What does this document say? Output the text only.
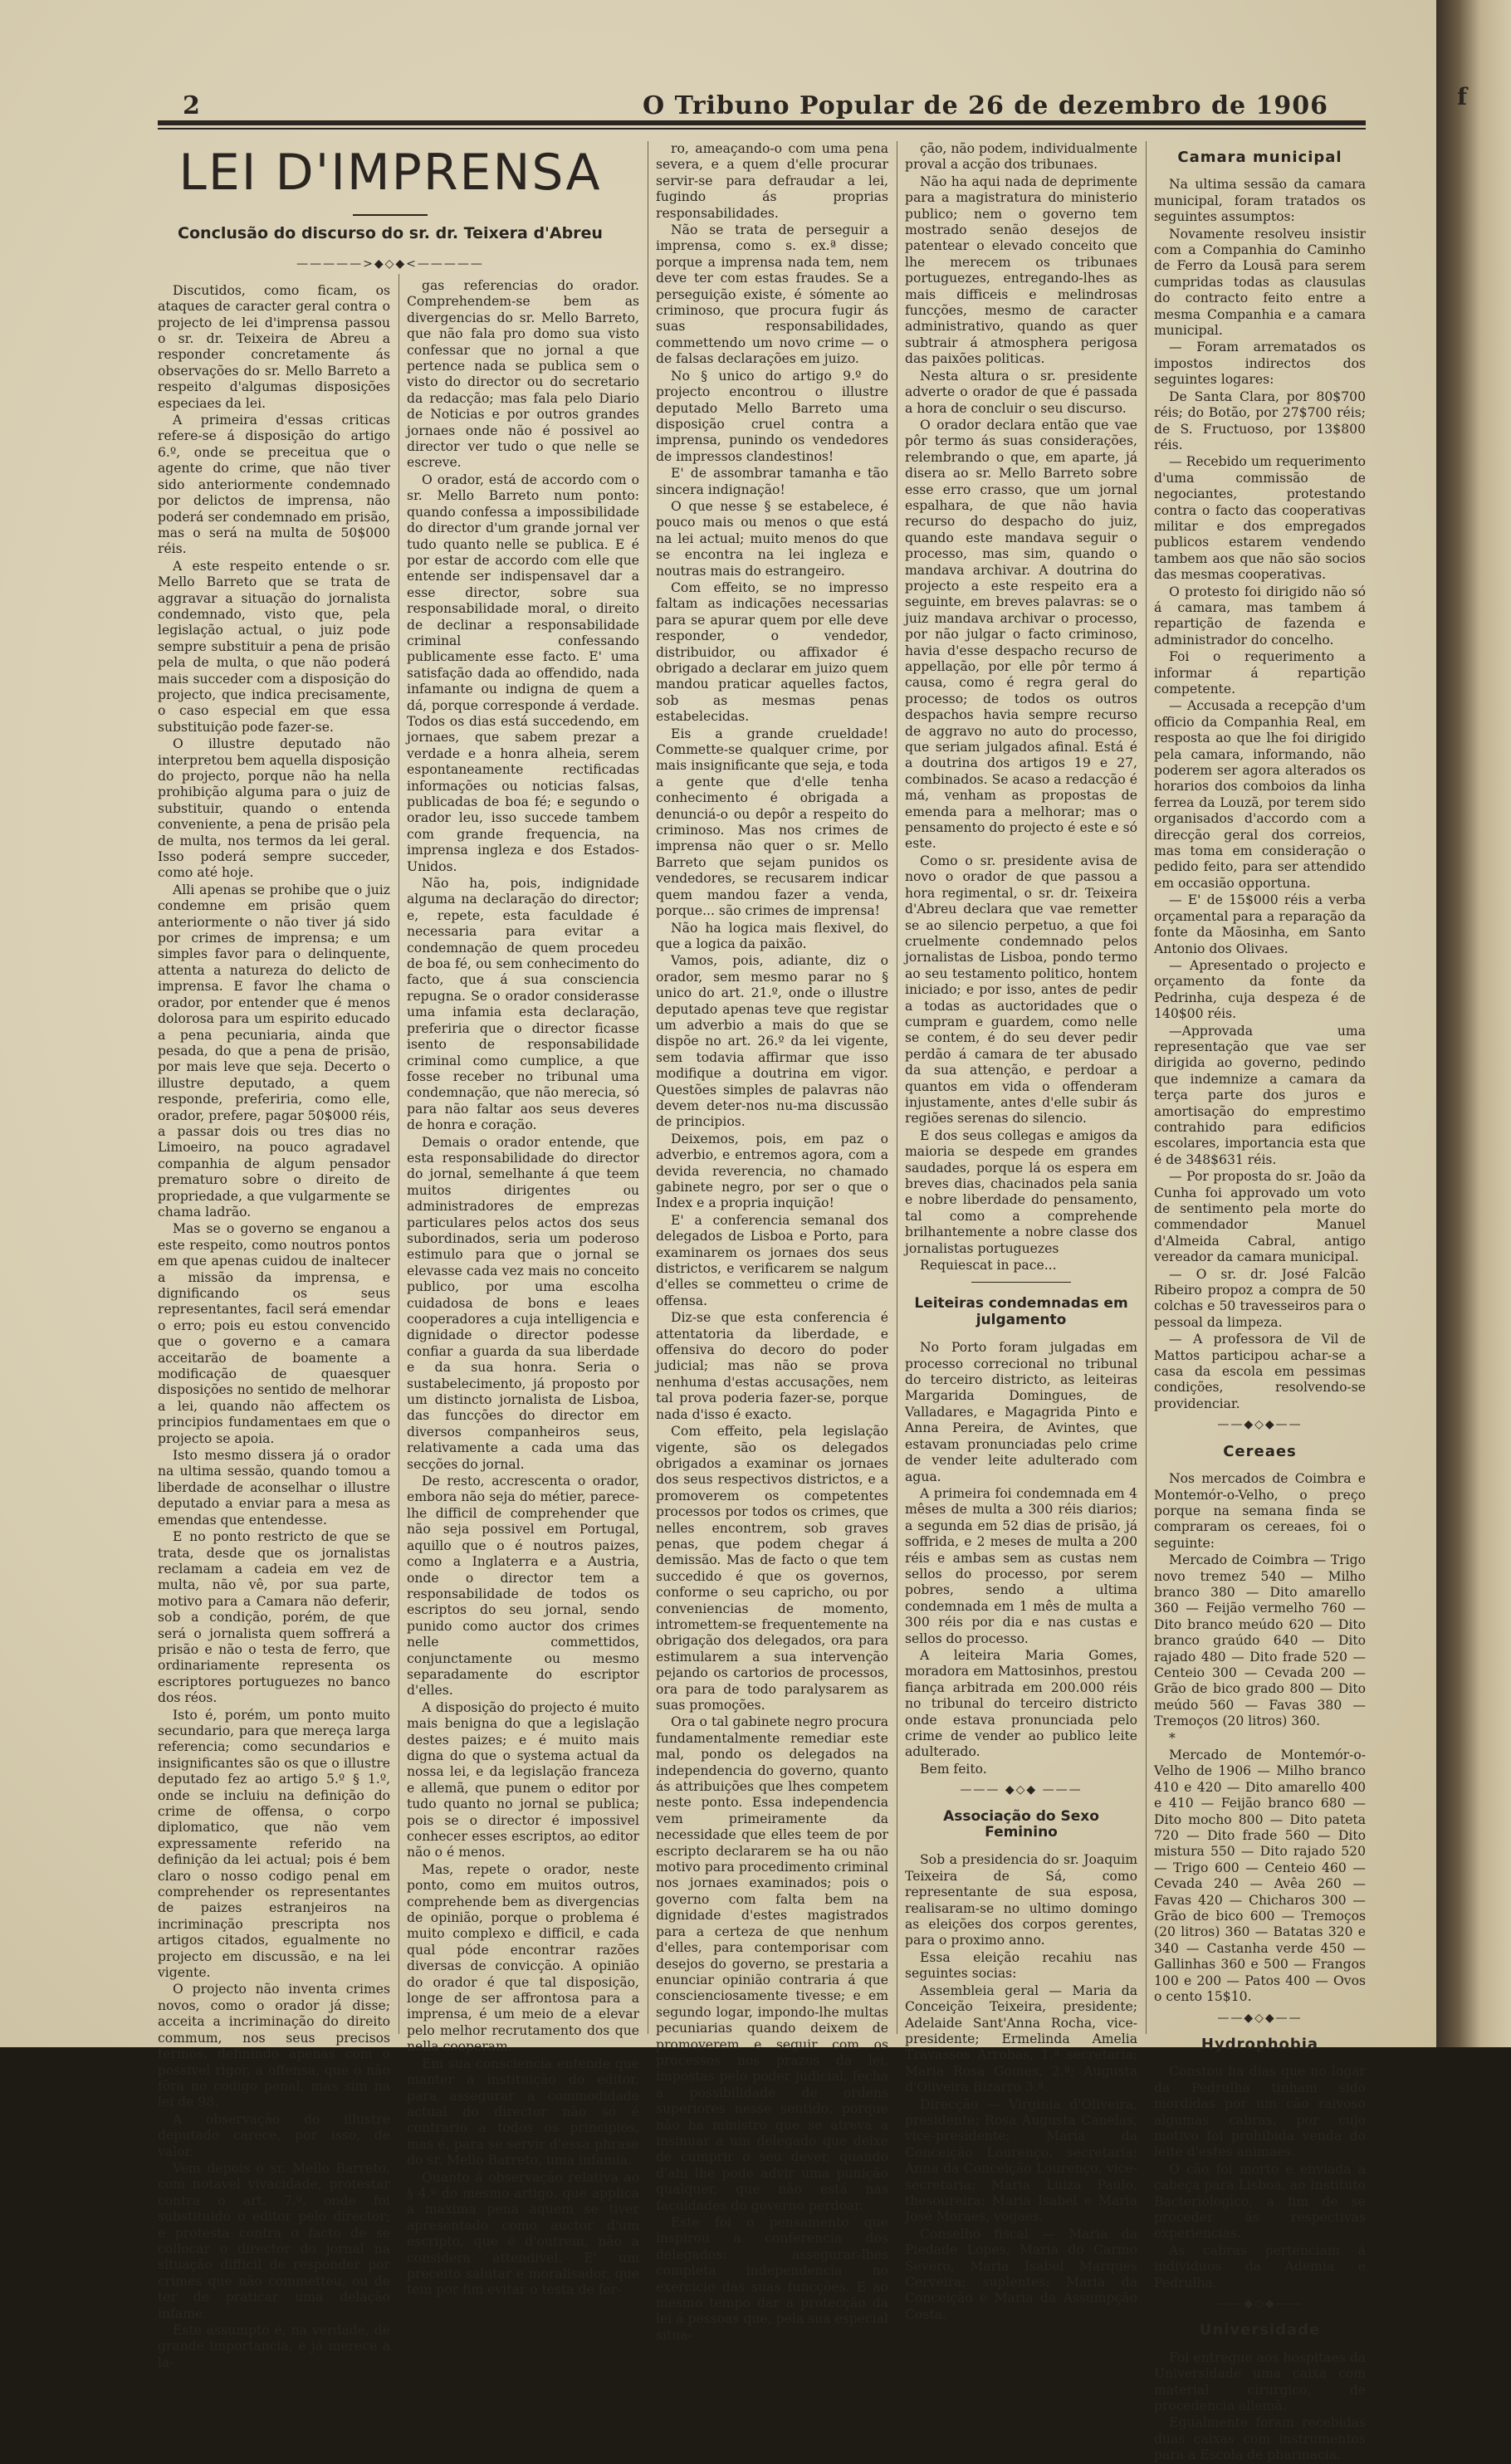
2	O Tribuno Popular de 26 de dezembro de 1906
LEI D'IMPRENSA
Conclusão do discurso do sr. dr. Teixera d'Abreu
—————>◆◇◆<—————

Discutidos, como ficam, os ataques de caracter geral contra o projecto de lei d'imprensa passou o sr. dr. Teixeira de Abreu a responder concretamente ás observações do sr. Mello Barreto a respeito d'algumas disposições especiaes da lei.

A primeira d'essas criticas refere-se á disposição do artigo 6.º, onde se preceitua que o agente do crime, que não tiver sido anteriormente condemnado por delictos de imprensa, não poderá ser condemnado em prisão, mas o será na multa de 50$000 réis.

A este respeito entende o sr. Mello Barreto que se trata de aggravar a situação do jornalista condemnado, visto que, pela legislação actual, o juiz pode sempre substituir a pena de prisão pela de multa, o que não poderá mais succeder com a disposição do projecto, que indica precisamente, o caso especial em que essa substituição pode fazer-se.

O illustre deputado não interpretou bem aquella disposição do projecto, porque não ha nella prohibição alguma para o juiz de substituir, quando o entenda conveniente, a pena de prisão pela de multa, nos termos da lei geral. Isso poderá sempre succeder, como até hoje.

Alli apenas se prohibe que o juiz condemne em prisão quem anteriormente o não tiver já sido por crimes de imprensa; e um simples favor para o delinquente, attenta a natureza do delicto de imprensa. E favor lhe chama o orador, por entender que é menos dolorosa para um espirito educado a pena pecuniaria, ainda que pesada, do que a pena de prisão, por mais leve que seja. Decerto o illustre deputado, a quem responde, preferiria, como elle, orador, prefere, pagar 50$000 réis, a passar dois ou tres dias no Limoeiro, na pouco agradavel companhia de algum pensador prematuro sobre o direito de propriedade, a que vulgarmente se chama ladrão.

Mas se o governo se enganou a este respeito, como noutros pontos em que apenas cuidou de inaltecer a missão da imprensa, e dignificando os seus representantes, facil será emendar o erro; pois eu estou convencido que o governo e a camara acceitarão de boamente a modificação de quaesquer disposições no sentido de melhorar a lei, quando não affectem os principios fundamentaes em que o projecto se apoia.

Isto mesmo dissera já o orador na ultima sessão, quando tomou a liberdade de aconselhar o illustre deputado a enviar para a mesa as emendas que entendesse.

E no ponto restricto de que se trata, desde que os jornalistas reclamam a cadeia em vez de multa, não vê, por sua parte, motivo para a Camara não deferir, sob a condição, porém, de que será o jornalista quem soffrerá a prisão e não o testa de ferro, que ordinariamente representa os escriptores portuguezes no banco dos réos.

Isto é, porém, um ponto muito secundario, para que mereça larga referencia; como secundarios e insignificantes são os que o illustre deputado fez ao artigo 5.º § 1.º, onde se incluiu na definição do crime de offensa, o corpo diplomatico, que não vem expressamente referido na definição da lei actual; pois é bem claro o nosso codigo penal em comprehender os representantes de paizes estranjeiros na incriminação prescripta nos artigos citados, egualmente no projecto em discussão, e na lei vigente.

O projecto não inventa crimes novos, como o orador já disse; acceita a incriminação do direito commum, nos seus precisos termos, definindo apenas com o possivel rigor, a offensa, que o não fôra no codigo penal, mas sim na lei de 98.

A observação do illustre deputado carece, por isso, de valor.

Vem depois o sr. Mello Barreto, com notavel vivacidade, protestar contra o art. 7.º, onde foi substituido o editor pelo director; e protesta contra o facto de se collocar o director do jornal na situação difficil de responder por crimes que não commetteu, ou de ter de praticar uma delação infame.

Este assumpto é, na verdade, de grande importancia, e já merece a la-

gas referencias do orador. Comprehendem-se bem as divergencias do sr. Mello Barreto, que não fala pro domo sua visto confessar que no jornal a que pertence nada se publica sem o visto do director ou do secretario da redacção; mas fala pelo Diario de Noticias e por outros grandes jornaes onde não é possivel ao director ver tudo o que nelle se escreve.

O orador, está de accordo com o sr. Mello Barreto num ponto: quando confessa a impossibilidade do director d'um grande jornal ver tudo quanto nelle se publica. E é por estar de accordo com elle que entende ser indispensavel dar a esse director, sobre sua responsabilidade moral, o direito de declinar a responsabilidade criminal confessando publicamente esse facto. E' uma satisfação dada ao offendido, nada infamante ou indigna de quem a dá, porque corresponde á verdade. Todos os dias está succedendo, em jornaes, que sabem prezar a verdade e a honra alheia, serem espontaneamente rectificadas informações ou noticias falsas, publicadas de boa fé; e segundo o orador leu, isso succede tambem com grande frequencia, na imprensa ingleza e dos Estados-Unidos.

Não ha, pois, indignidade alguma na declaração do director; e, repete, esta faculdade é necessaria para evitar a condemnação de quem procedeu de boa fé, ou sem conhecimento do facto, que á sua consciencia repugna. Se o orador considerasse uma infamia esta declaração, preferiria que o director ficasse isento de responsabilidade criminal como cumplice, a que fosse receber no tribunal uma condemnação, que não merecia, só para não faltar aos seus deveres de honra e coração.

Demais o orador entende, que esta responsabilidade do director do jornal, semelhante á que teem muitos dirigentes ou administradores de emprezas particulares pelos actos dos seus subordinados, seria um poderoso estimulo para que o jornal se elevasse cada vez mais no conceito publico, por uma escolha cuidadosa de bons e leaes cooperadores a cuja intelligencia e dignidade o director podesse confiar a guarda da sua liberdade e da sua honra. Seria o sustabelecimento, já proposto por um distincto jornalista de Lisboa, das funcções do director em diversos companheiros seus, relativamente a cada uma das secções do jornal.

De resto, accrescenta o orador, embora não seja do métier, parece-lhe difficil de comprehender que não seja possivel em Portugal, aquillo que o é noutros paizes, como a Inglaterra e a Austria, onde o director tem a responsabilidade de todos os escriptos do seu jornal, sendo punido como auctor dos crimes nelle commettidos, conjunctamente ou mesmo separadamente do escriptor d'elles.

A disposição do projecto é muito mais benigna do que a legislação destes paizes; e é muito mais digna do que o systema actual da nossa lei, e da legislação franceza e allemã, que punem o editor por tudo quanto no jornal se publica; pois se o director é impossivel conhecer esses escriptos, ao editor não o é menos.

Mas, repete o orador, neste ponto, como em muitos outros, comprehende bem as divergencias de opinião, porque o problema é muito complexo e difficil, e cada qual póde encontrar razões diversas de convicção. A opinião do orador é que tal disposição, longe de ser affrontosa para a imprensa, é um meio de a elevar pelo melhor recrutamento dos que nella cooperam.

Em sua consciencia entende que manter a instituição do editor, para assegurar a commodidade actual do director não só é contrario a todos os principios, mas é, para se servir d'essa phrase do sr. Mello Barreto, uma infamia.

Quanto á observação relativa ao § 4.º do mesmo artigo, que applica a maxima pena aquem se tiver apresentado como auctor d'um escripto, que é d'outrem, não a considera attendivel. E' um preceito salutar e moralisador, que tem por fim evitar o testa de fer-

ro, ameaçando-o com uma pena severa, e a quem d'elle procurar servir-se para defraudar a lei, fugindo ás proprias responsabilidades.

Não se trata de perseguir a imprensa, como s. ex.ª disse; porque a imprensa nada tem, nem deve ter com estas fraudes. Se a perseguição existe, é sómente ao criminoso, que procura fugir ás suas responsabilidades, commettendo um novo crime — o de falsas declarações em juizo.

No § unico do artigo 9.º do projecto encontrou o illustre deputado Mello Barreto uma disposição cruel contra a imprensa, punindo os vendedores de impressos clandestinos!

E' de assombrar tamanha e tão sincera indignação!

O que nesse § se estabelece, é pouco mais ou menos o que está na lei actual; muito menos do que se encontra na lei ingleza e noutras mais do estrangeiro.

Com effeito, se no impresso faltam as indicações necessarias para se apurar quem por elle deve responder, o vendedor, distribuidor, ou affixador é obrigado a declarar em juizo quem mandou praticar aquelles factos, sob as mesmas penas estabelecidas.

Eis a grande crueldade! Commette-se qualquer crime, por mais insignificante que seja, e toda a gente que d'elle tenha conhecimento é obrigada a denunciá-o ou depôr a respeito do criminoso. Mas nos crimes de imprensa não quer o sr. Mello Barreto que sejam punidos os vendedores, se recusarem indicar quem mandou fazer a venda, porque... são crimes de imprensa!

Não ha logica mais flexivel, do que a logica da paixão.

Vamos, pois, adiante, diz o orador, sem mesmo parar no § unico do art. 21.º, onde o illustre deputado apenas teve que registar um adverbio a mais do que se dispõe no art. 26.º da lei vigente, sem todavia affirmar que isso modifique a doutrina em vigor. Questões simples de palavras não devem deter-nos nu-ma discussão de principios.

Deixemos, pois, em paz o adverbio, e entremos agora, com a devida reverencia, no chamado gabinete negro, por ser o que o Index e a propria inquição!

E' a conferencia semanal dos delegados de Lisboa e Porto, para examinarem os jornaes dos seus districtos, e verificarem se nalgum d'elles se commetteu o crime de offensa.

Diz-se que esta conferencia é attentatoria da liberdade, e offensiva do decoro do poder judicial; mas não se prova nenhuma d'estas accusações, nem tal prova poderia fazer-se, porque nada d'isso é exacto.

Com effeito, pela legislação vigente, são os delegados obrigados a examinar os jornaes dos seus respectivos districtos, e a promoverem os competentes processos por todos os crimes, que nelles encontrem, sob graves penas, que podem chegar á demissão. Mas de facto o que tem succedido é que os governos, conforme o seu capricho, ou por conveniencias de momento, intromettem-se frequentemente na obrigação dos delegados, ora para estimularem a sua intervenção pejando os cartorios de processos, ora para de todo paralysarem as suas promoções.

Ora o tal gabinete negro procura fundamentalmente remediar este mal, pondo os delegados na independencia do governo, quanto ás attribuições que lhes competem neste ponto. Essa independencia vem primeiramente da necessidade que elles teem de por escripto declararem se ha ou não motivo para procedimento criminal nos jornaes examinados; pois o governo com falta bem na dignidade d'estes magistrados para a certeza de que nenhum d'elles, para contemporisar com desejos do governo, se prestaria a enunciar opinião contraria á que conscienciosamente tivesse; e em segundo logar, impondo-lhe multas pecuniarias quando deixem de promoverem e seguir com os processos nos prazos da lei, impostas pelo poder judicial, fecha a possibilidade de ordens superiores nesse sentido, porque não ha ministro que se atreva a insinuar a um delegado que deixe de cumprir o seu dever, quando d'ahi lhe pode advir uma punição qualquer, que não está nas faculdades do governo perdoar.

Este foi o pensamento que inspirou a conferencia dos delegados: assegurar-lhes completa independencia no exercicio das suas funcções. E ao mesmo tempo dar a protecção da lei á pessoas que, pela sua especial situa-

ção, não podem, individualmente proval a acção dos tribunaes.

Não ha aqui nada de deprimente para a magistratura do ministerio publico; nem o governo tem mostrado senão desejos de patentear o elevado conceito que lhe merecem os tribunaes portuguezes, entregando-lhes as mais difficeis e melindrosas funcções, mesmo de caracter administrativo, quando as quer subtrair á atmosphera perigosa das paixões politicas.

Nesta altura o sr. presidente adverte o orador de que é passada a hora de concluir o seu discurso.

O orador declara então que vae pôr termo ás suas considerações, relembrando o que, em aparte, já disera ao sr. Mello Barreto sobre esse erro crasso, que um jornal espalhara, de que não havia recurso do despacho do juiz, quando este mandava seguir o processo, mas sim, quando o mandava archivar. A doutrina do projecto a este respeito era a seguinte, em breves palavras: se o juiz mandava archivar o processo, por não julgar o facto criminoso, havia d'esse despacho recurso de appellação, por elle pôr termo á causa, como é regra geral do processo; de todos os outros despachos havia sempre recurso de aggravo no auto do processo, que seriam julgados afinal. Está é a doutrina dos artigos 19 e 27, combinados. Se acaso a redacção é má, venham as propostas de emenda para a melhorar; mas o pensamento do projecto é este e só este.

Como o sr. presidente avisa de novo o orador de que passou a hora regimental, o sr. dr. Teixeira d'Abreu declara que vae remetter se ao silencio perpetuo, a que foi cruelmente condemnado pelos jornalistas de Lisboa, pondo termo ao seu testamento politico, hontem iniciado; e por isso, antes de pedir a todas as auctoridades que o cumpram e guardem, como nelle se contem, é do seu dever pedir perdão á camara de ter abusado da sua attenção, e perdoar a quantos em vida o offenderam injustamente, antes d'elle subir ás regiões serenas do silencio.

E dos seus collegas e amigos da maioria se despede em grandes saudades, porque lá os espera em breves dias, chacinados pela sania e nobre liberdade do pensamento, tal como a comprehende brilhantemente a nobre classe dos jornalistas portuguezes

Requiescat in pace...

Leiteiras condemnadas em julgamento

No Porto foram julgadas em processo correcional no tribunal do terceiro districto, as leiteiras Margarida Domingues, de Valladares, e Magagrida Pinto e Anna Pereira, de Avintes, que estavam pronunciadas pelo crime de vender leite adulterado com agua.

A primeira foi condemnada em 4 mêses de multa a 300 réis diarios; a segunda em 52 dias de prisão, já soffrida, e 2 meses de multa a 200 réis e ambas sem as custas nem sellos do processo, por serem pobres, sendo a ultima condemnada em 1 mês de multa a 300 réis por dia e nas custas e sellos do processo.

A leiteira Maria Gomes, moradora em Mattosinhos, prestou fiança arbitrada em 200.000 réis no tribunal do terceiro districto onde estava pronunciada pelo crime de vender ao publico leite adulterado.

Bem feito.

——— ◆◇◆ ———
Associação do Sexo Feminino

Sob a presidencia do sr. Joaquim Teixeira de Sá, como representante de sua esposa, realisaram-se no ultimo domingo as eleições dos corpos gerentes, para o proximo anno.

Essa eleição recahiu nas seguintes socias:

Assembleia geral — Maria da Conceição Teixeira, presidente; Adelaide Sant'Anna Rocha, vice-presidente; Ermelinda Amelia Travassos Arrobas, 1.ª secretaria; Maria Rosa Gomes, 2.ª; Augusta d'Oliveira Bizarro 3.ª.

Direcção — Virginia d'Oliveira, presidente; Rosa Augusta Canelas, vice-presidente; Maria da Conceição Lourenço, secretaria; Anna da Conceição Lourenço, vice-secretaria; Maria Luiza Paulo, thesoureira; Maria Isabel e Maria José Moraes, vogaes.

Conselho fiscal — Maria da Piedade Lopes, Maria do Carmo Severo, Maria Isabel Marques Cerveira; suplentes: Maria da Conceição e Maria da Assumpção Costa.

Camara municipal

Na ultima sessão da camara municipal, foram tratados os seguintes assumptos:

Novamente resolveu insistir com a Companhia do Caminho de Ferro da Lousã para serem cumpridas todas as clausulas do contracto feito entre a mesma Companhia e a camara municipal.

— Foram arrematados os impostos indirectos dos seguintes logares:

De Santa Clara, por 80$700 réis; do Botão, por 27$700 réis; de S. Fructuoso, por 13$800 réis.

— Recebido um requerimento d'uma commissão de negociantes, protestando contra o facto das cooperativas militar e dos empregados publicos estarem vendendo tambem aos que não são socios das mesmas cooperativas.

O protesto foi dirigido não só á camara, mas tambem á repartição de fazenda e administrador do concelho.

Foi o requerimento a informar á repartição competente.

— Accusada a recepção d'um officio da Companhia Real, em resposta ao que lhe foi dirigido pela camara, informando, não poderem ser agora alterados os horarios dos comboios da linha ferrea da Louzã, por terem sido organisados d'accordo com a direcção geral dos correios, mas toma em consideração o pedido feito, para ser attendido em occasião opportuna.

— E' de 15$000 réis a verba orçamental para a reparação da fonte da Mãosinha, em Santo Antonio dos Olivaes.

— Apresentado o projecto e orçamento da fonte da Pedrinha, cuja despeza é de 140$00 réis.

—Approvada uma representação que vae ser dirigida ao governo, pedindo que indemnize a camara da terça parte dos juros e amortisação do emprestimo contrahido para edificios escolares, importancia esta que é de 348$631 réis.

— Por proposta do sr. João da Cunha foi approvado um voto de sentimento pela morte do commendador Manuel d'Almeida Cabral, antigo vereador da camara municipal.

— O sr. dr. José Falcão Ribeiro propoz a compra de 50 colchas e 50 travesseiros para o pessoal da limpeza.

— A professora de Vil de Mattos participou achar-se a casa da escola em pessimas condições, resolvendo-se providenciar.

——◆◇◆——
Cereaes

Nos mercados de Coimbra e Montemór-o-Velho, o preço porque na semana finda se compraram os cereaes, foi o seguinte:

Mercado de Coimbra — Trigo novo tremez 540 — Milho branco 380 — Dito amarello 360 — Feijão vermelho 760 — Dito branco meúdo 620 — Dito branco graúdo 640 — Dito rajado 480 — Dito frade 520 — Centeio 300 — Cevada 200 — Grão de bico grado 800 — Dito meúdo 560 — Favas 380 — Tremoços (20 litros) 360.

*

Mercado de Montemór-o-Velho de 1906 — Milho branco 410 e 420 — Dito amarello 400 e 410 — Feijão branco 680 — Dito mocho 800 — Dito pateta 720 — Dito frade 560 — Dito mistura 550 — Dito rajado 520 — Trigo 600 — Centeio 460 — Cevada 240 — Avêa 260 — Favas 420 — Chicharos 300 — Grão de bico 600 — Tremoços (20 litros) 360 — Batatas 320 e 340 — Castanha verde 450 — Gallinhas 360 e 500 — Frangos 100 e 200 — Patos 400 — Ovos o cento 15$10.

——◆◇◆——
Hydrophobia

Constou ha dias que no logar da Pedrulha tinham sido mordidas por um cão raivoso algumas cabras, por cujo motivo foi prohibida venda do leite d'estes animaes.

O cão foi morto e enviada a cabeça para Lisboa, ao Instituto Bacteriologico, a fim de se proceder ás respectivas experiencias.

As cabras pertenciam á individuos da Ademia e Pedrulha.

——◆◇◆——
Universidade

Foi entregue aos hospitaes da Universidade uma caixa com material cirurgico, de procedencia allemã.

Egualmente foram recebidas duas caixas com instrumentos para a Escola de pharmacia.

f
